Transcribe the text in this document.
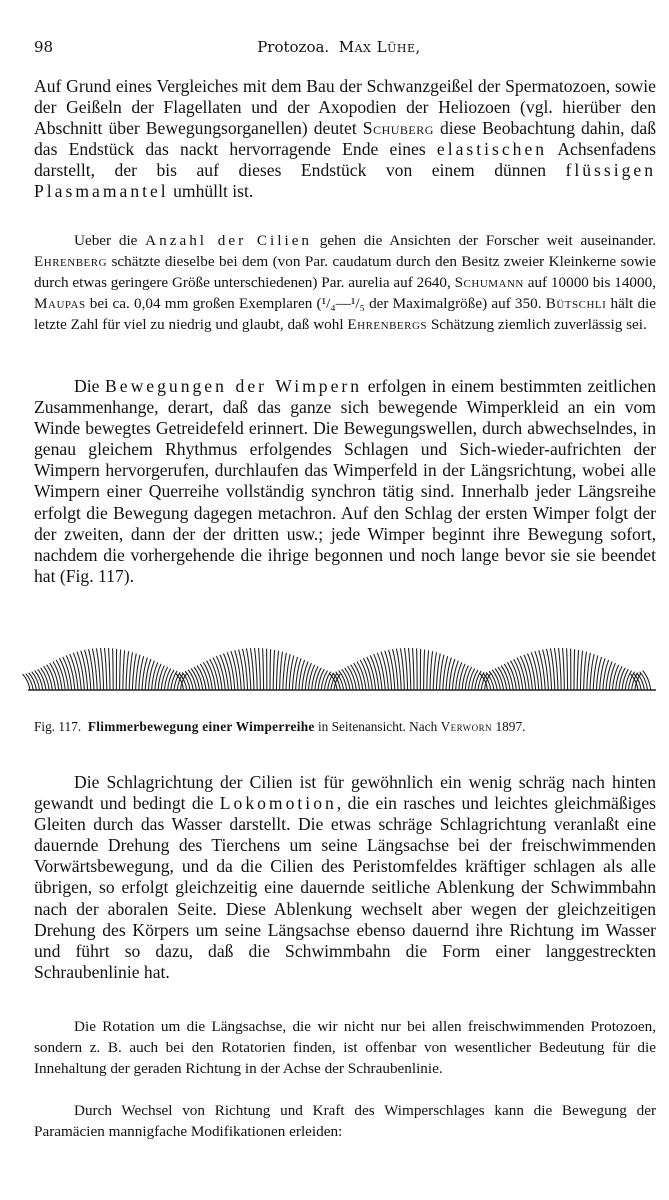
98	Protozoa. Max Lühe,

Auf Grund eines Vergleiches mit dem Bau der Schwanzgeißel der Spermatozoen, sowie der Geißeln der Flagellaten und der Axopodien der Heliozoen (vgl. hierüber den Abschnitt über Bewegungsorganellen) deutet Schuberg diese Beobachtung dahin, daß das Endstück das nackt hervorragende Ende eines elastischen Achsenfadens darstellt, der bis auf dieses Endstück von einem dünnen flüssigen Plasmamantel umhüllt ist.

Ueber die Anzahl der Cilien gehen die Ansichten der Forscher weit auseinander. Ehrenberg schätzte dieselbe bei dem (von Par. caudatum durch den Besitz zweier Kleinkerne sowie durch etwas geringere Größe unterschiedenen) Par. aurelia auf 2640, Schumann auf 10000 bis 14000, Maupas bei ca. 0,04 mm großen Exemplaren (¹/₄—¹/₅ der Maximalgröße) auf 350. Bütschli hält die letzte Zahl für viel zu niedrig und glaubt, daß wohl Ehrenbergs Schätzung ziemlich zuverlässig sei.

Die Bewegungen der Wimpern erfolgen in einem bestimmten zeitlichen Zusammenhange, derart, daß das ganze sich bewegende Wimperkleid an ein vom Winde bewegtes Getreidefeld erinnert. Die Bewegungswellen, durch abwechselndes, in genau gleichem Rhythmus erfolgendes Schlagen und Sich-wieder-aufrichten der Wimpern hervorgerufen, durchlaufen das Wimperfeld in der Längsrichtung, wobei alle Wimpern einer Querreihe vollständig synchron tätig sind. Innerhalb jeder Längsreihe erfolgt die Bewegung dagegen metachron. Auf den Schlag der ersten Wimper folgt der der zweiten, dann der der dritten usw.; jede Wimper beginnt ihre Bewegung sofort, nachdem die vorhergehende die ihrige begonnen und noch lange bevor sie sie beendet hat (Fig. 117).

Fig. 117. Flimmerbewegung einer Wimperreihe in Seitenansicht. Nach Verworn 1897.

Die Schlagrichtung der Cilien ist für gewöhnlich ein wenig schräg nach hinten gewandt und bedingt die Lokomotion, die ein rasches und leichtes gleichmäßiges Gleiten durch das Wasser darstellt. Die etwas schräge Schlagrichtung veranlaßt eine dauernde Drehung des Tierchens um seine Längsachse bei der freischwimmenden Vorwärtsbewegung, und da die Cilien des Peristomfeldes kräftiger schlagen als alle übrigen, so erfolgt gleichzeitig eine dauernde seitliche Ablenkung der Schwimmbahn nach der aboralen Seite. Diese Ablenkung wechselt aber wegen der gleichzeitigen Drehung des Körpers um seine Längsachse ebenso dauernd ihre Richtung im Wasser und führt so dazu, daß die Schwimmbahn die Form einer langgestreckten Schraubenlinie hat.

Die Rotation um die Längsachse, die wir nicht nur bei allen freischwimmenden Protozoen, sondern z. B. auch bei den Rotatorien finden, ist offenbar von wesentlicher Bedeutung für die Innehaltung der geraden Richtung in der Achse der Schraubenlinie.

Durch Wechsel von Richtung und Kraft des Wimperschlages kann die Bewegung der Paramäcien mannigfache Modifikationen erleiden:
